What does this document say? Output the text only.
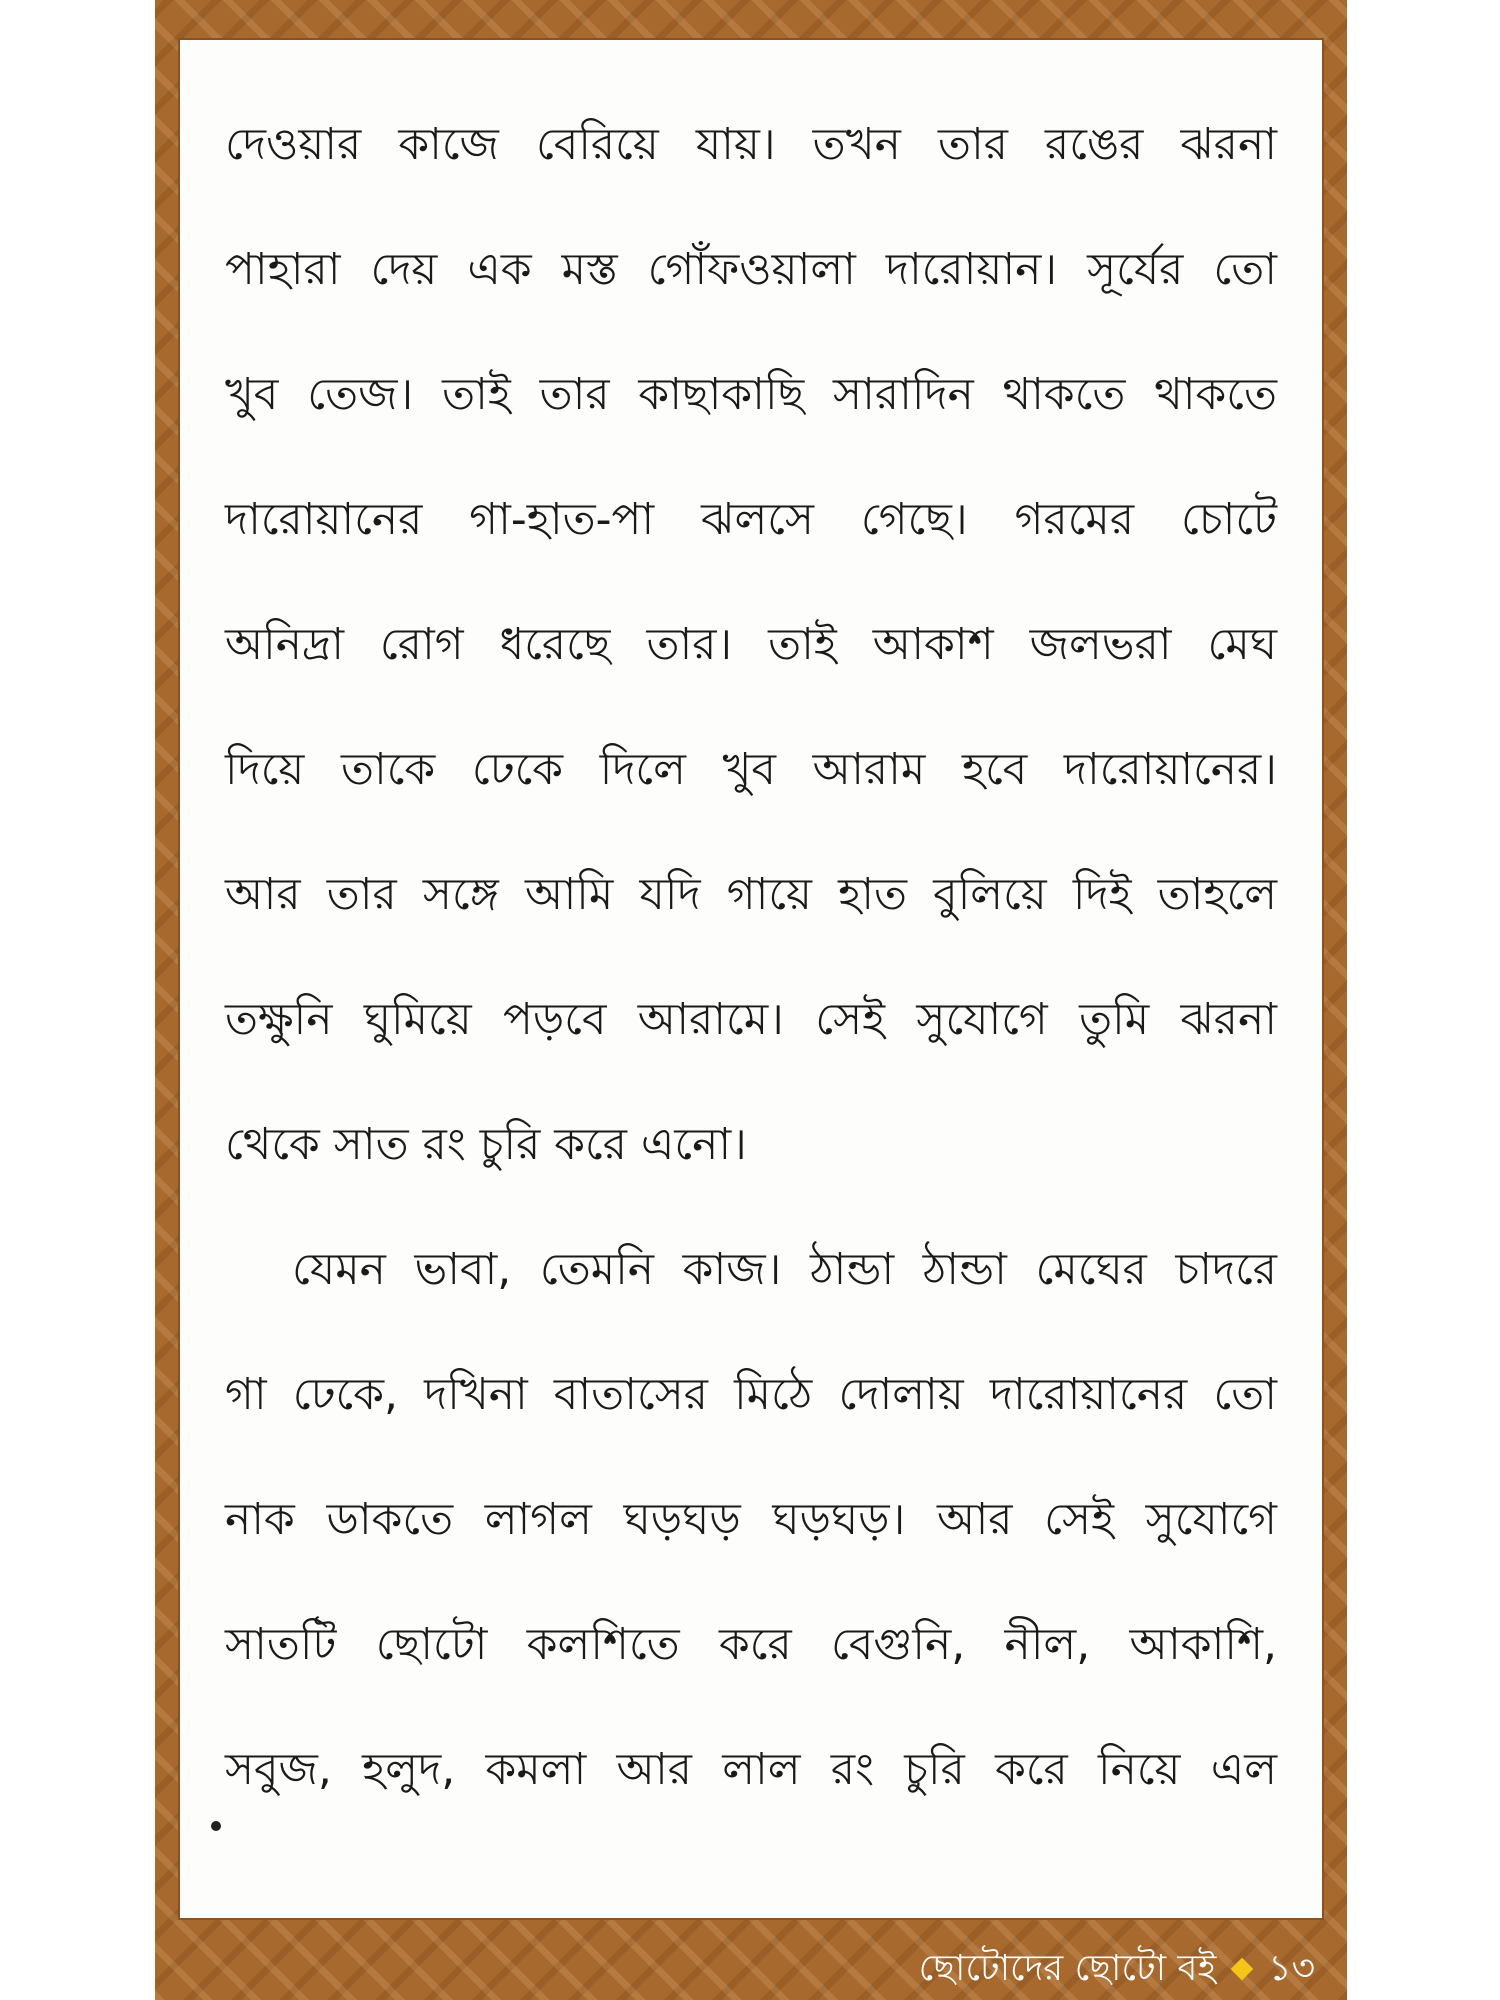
দেওয়ার কাজে বেরিয়ে যায়। তখন তার রঙের ঝরনা
পাহারা দেয় এক মস্ত গোঁফওয়ালা দারোয়ান। সূর্যের তো
খুব তেজ। তাই তার কাছাকাছি সারাদিন থাকতে থাকতে
দারোয়ানের গা-হাত-পা ঝলসে গেছে। গরমের চোটে
অনিদ্রা রোগ ধরেছে তার। তাই আকাশ জলভরা মেঘ
দিয়ে তাকে ঢেকে দিলে খুব আরাম হবে দারোয়ানের।
আর তার সঙ্গে আমি যদি গায়ে হাত বুলিয়ে দিই তাহলে
তক্ষুনি ঘুমিয়ে পড়বে আরামে। সেই সুযোগে তুমি ঝরনা
থেকে সাত রং চুরি করে এনো।
যেমন ভাবা, তেমনি কাজ। ঠান্ডা ঠান্ডা মেঘের চাদরে
গা ঢেকে, দখিনা বাতাসের মিঠে দোলায় দারোয়ানের তো
নাক ডাকতে লাগল ঘড়ঘড় ঘড়ঘড়। আর সেই সুযোগে
সাতটি ছোটো কলশিতে করে বেগুনি, নীল, আকাশি,
সবুজ, হলুদ, কমলা আর লাল রং চুরি করে নিয়ে এল
ছোটোদের ছোটো বই ১৩
